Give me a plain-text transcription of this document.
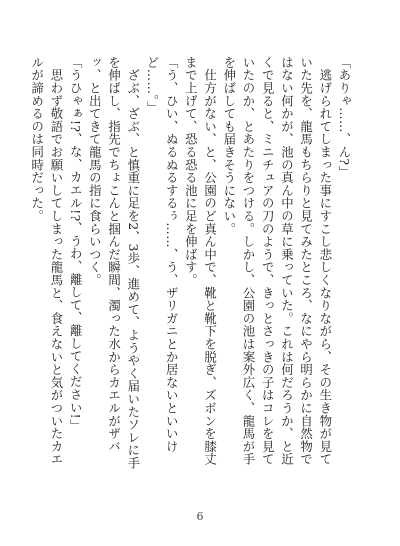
「ありゃ……、ん?」

　逃げられてしまった事にすこし悲しくなりながら、その生き物が見ていた先を、龍馬もちらりと見てみたところ、なにやら明らかに自然物ではない何かが、池の真ん中の草に乗っていた。これは何だろうか、と近くで見ると、ミニチュアの刀のようで、きっとさっきの子はコレを見ていたのか、とあたりをつける。しかし、公園の池は案外広く、龍馬が手を伸ばしても届きそうにない。

　仕方がない、と、公園のど真ん中で、靴と靴下を脱ぎ、ズボンを膝丈まで上げて、恐る恐る池に足を伸ばす。

「う、ひい、ぬるぬるするぅ……、う、ザリガニとか居ないといいけど……。」

　ざぶ、ざぶ、と慎重に足を2、3歩、進めて、ようやく届いたソレに手を伸ばし、指先でちょこんと掴んだ瞬間、濁った水からカエルがザバッ、と出てきて龍馬の指に食らいつく。

「うひゃぁ!?、な、カエル!?、うわ、離して、離してください!」

　思わず敬語でお願いしてしまった龍馬と、食えないと気がついたカエルが諦めるのは同時だった。

6
